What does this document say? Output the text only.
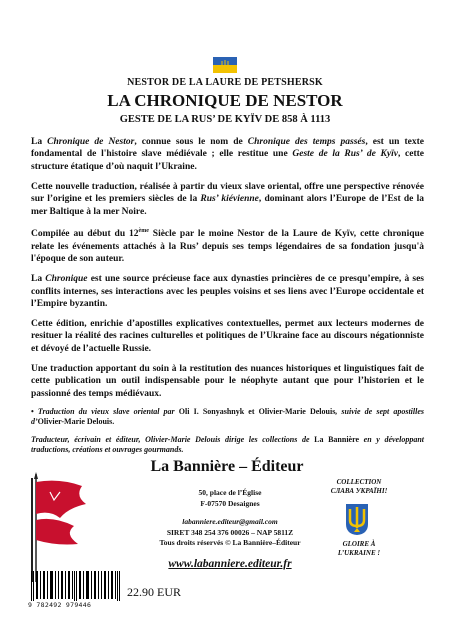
NESTOR DE LA LAURE DE PETSHERSK
LA CHRONIQUE DE NESTOR
GESTE DE LA RUS’ DE KYÏV DE 858 À 1113

La Chronique de Nestor, connue sous le nom de Chronique des temps passés, est un texte fondamental de l'histoire slave médiévale ; elle restitue une Geste de la Rus’ de Kyïv, cette structure étatique d’où naquit l’Ukraine.

Cette nouvelle traduction, réalisée à partir du vieux slave oriental, offre une perspective rénovée sur l’origine et les premiers siècles de la Rus’ kiévienne, dominant alors l’Europe de l’Est de la mer Baltique à la mer Noire.

Compilée au début du 12ème Siècle par le moine Nestor de la Laure de Kyïv, cette chronique relate les événements attachés à la Rus’ depuis ses temps légendaires de sa fondation jusqu'à l'époque de son auteur.

La Chronique est une source précieuse face aux dynasties princières de ce presqu’empire, à ses conflits internes, ses interactions avec les peuples voisins et ses liens avec l’Europe occidentale et l’Empire byzantin.

Cette édition, enrichie d’apostilles explicatives contextuelles, permet aux lecteurs modernes de resituer la réalité des racines culturelles et politiques de l’Ukraine face au discours négationniste et dévoyé de l’actuelle Russie.

Une traduction apportant du soin à la restitution des nuances historiques et linguistiques fait de cette publication un outil indispensable pour le néophyte autant que pour l’historien et le passionné des temps médiévaux.

• Traduction du vieux slave oriental par Oli I. Sonyashnyk et Olivier-Marie Delouis, suivie de sept apostilles d’Olivier-Marie Delouis.

Traducteur, écrivain et éditeur, Olivier-Marie Delouis dirige les collections de La Bannière en y développant traductions, créations et ouvrages gourmands.

La Bannière – Éditeur
50, place de l’Église
F-07570 Desaignes
labanniere.editeur@gmail.com
SIRET 348 254 376 00026 – NAP 5811Z
Tous droits réservés © La Bannière–Éditeur
www.labanniere.editeur.fr
COLLECTION
СЛАВА УКРАЇНІ!
GLOIRE À
L’UKRAINE !
9 782492 979446
22.90 EUR
